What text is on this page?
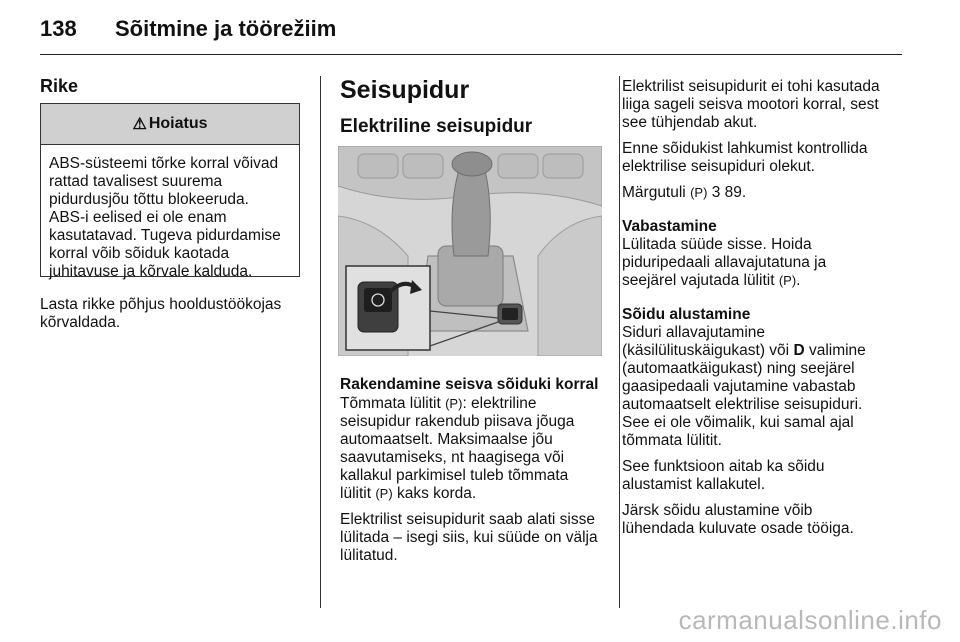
138 Sõitmine ja töörežiim
Rike
⚠ Hoiatus
ABS-süsteemi tõrke korral võivad
rattad tavalisest suurema
pidurdusjõu tõttu blokeeruda.
ABS-i eelised ei ole enam
kasutatavad. Tugeva pidurdamise
korral võib sõiduk kaotada
juhitavuse ja kõrvale kalduda.
Lasta rikke põhjus hooldustöökojas
kõrvaldada.
Seisupidur
Elektriline seisupidur
Rakendamine seisva sõiduki korral

Tõmmata lülitit (P): elektriline
seisupidur rakendub piisava jõuga
automaatselt. Maksimaalse jõu
saavutamiseks, nt haagisega või
kallakul parkimisel tuleb tõmmata
lülitit (P) kaks korda.

Elektrilist seisupidurit saab alati sisse
lülitada – isegi siis, kui süüde on välja
lülitatud.

Elektrilist seisupidurit ei tohi kasutada
liiga sageli seisva mootori korral, sest
see tühjendab akut.

Enne sõidukist lahkumist kontrollida
elektrilise seisupiduri olekut.

Märgutuli (P) 3 89.

Vabastamine

Lülitada süüde sisse. Hoida
piduripedaali allavajutatuna ja
seejärel vajutada lülitit (P).

Sõidu alustamine

Siduri allavajutamine
(käsilülituskäigukast) või D valimine
(automaatkäigukast) ning seejärel
gaasipedaali vajutamine vabastab
automaatselt elektrilise seisupiduri.
See ei ole võimalik, kui samal ajal
tõmmata lülitit.

See funktsioon aitab ka sõidu
alustamist kallakutel.

Järsk sõidu alustamine võib
lühendada kuluvate osade tööiga.

carmanualsonline.info
